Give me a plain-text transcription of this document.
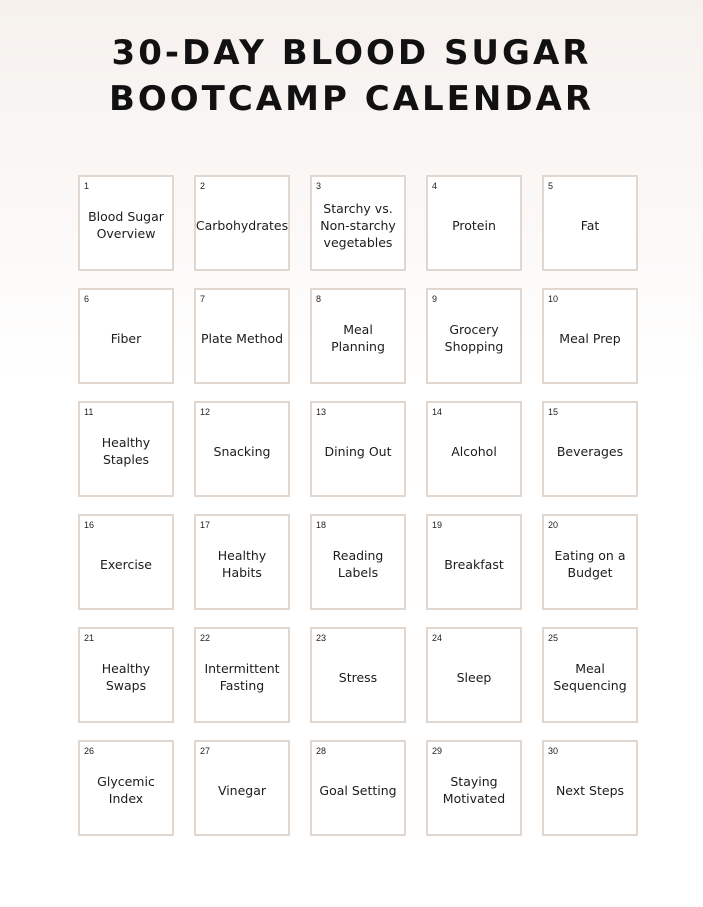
30-DAY BLOOD SUGAR
BOOTCAMP CALENDAR
1
Blood Sugar Overview
2
Carbohydrates
3
Starchy vs. Non-starchy vegetables
4
Protein
5
Fat
6
Fiber
7
Plate Method
8
Meal Planning
9
Grocery Shopping
10
Meal Prep
11
Healthy Staples
12
Snacking
13
Dining Out
14
Alcohol
15
Beverages
16
Exercise
17
Healthy Habits
18
Reading Labels
19
Breakfast
20
Eating on a Budget
21
Healthy Swaps
22
Intermittent Fasting
23
Stress
24
Sleep
25
Meal Sequencing
26
Glycemic Index
27
Vinegar
28
Goal Setting
29
Staying Motivated
30
Next Steps
